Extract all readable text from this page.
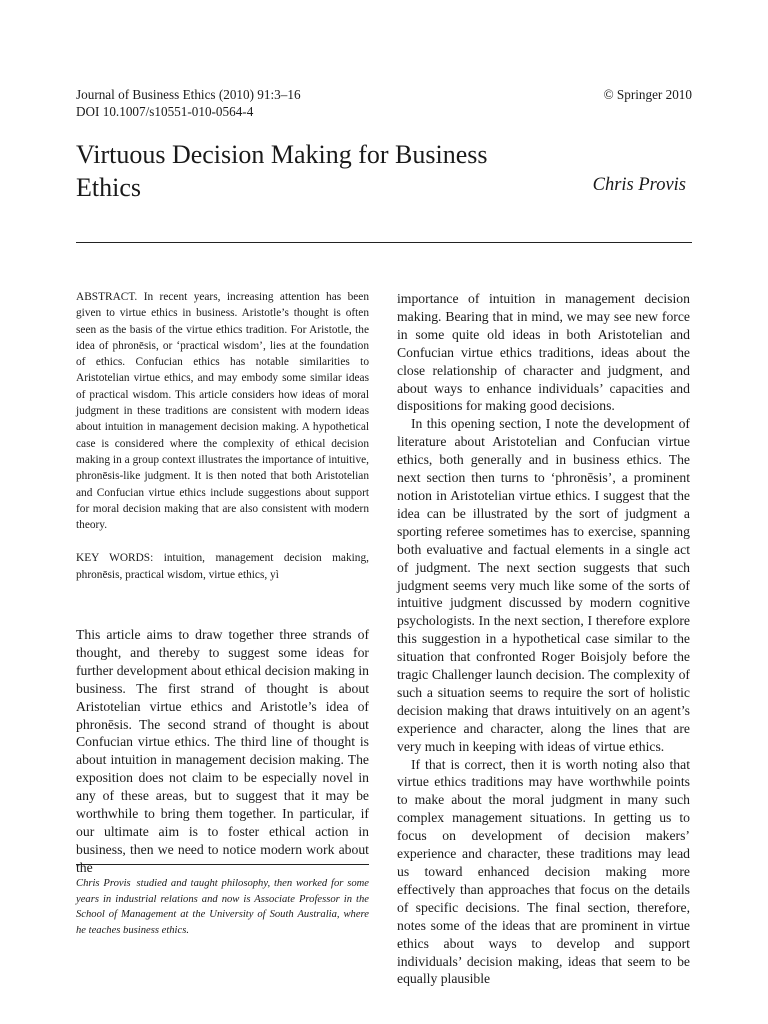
Journal of Business Ethics (2010) 91:3–16
DOI 10.1007/s10551-010-0564-4
© Springer 2010
Virtuous Decision Making for Business Ethics	Chris Provis

ABSTRACT. In recent years, increasing attention has been given to virtue ethics in business. Aristotle’s thought is often seen as the basis of the virtue ethics tradition. For Aristotle, the idea of phronēsis, or ‘practical wisdom’, lies at the foundation of ethics. Confucian ethics has notable similarities to Aristotelian virtue ethics, and may embody some similar ideas of practical wisdom. This article considers how ideas of moral judgment in these traditions are consistent with modern ideas about intuition in management decision making. A hypothetical case is considered where the complexity of ethical decision making in a group context illustrates the importance of intuitive, phronēsis-like judgment. It is then noted that both Aristotelian and Confucian virtue ethics include suggestions about support for moral decision making that are also consistent with modern theory.

KEY WORDS: intuition, management decision making, phronēsis, practical wisdom, virtue ethics, yì

This article aims to draw together three strands of thought, and thereby to suggest some ideas for further development about ethical decision making in business. The first strand of thought is about Aristotelian virtue ethics and Aristotle’s idea of phronēsis. The second strand of thought is about Confucian virtue ethics. The third line of thought is about intuition in management decision making. The exposition does not claim to be especially novel in any of these areas, but to suggest that it may be worthwhile to bring them together. In particular, if our ultimate aim is to foster ethical action in business, then we need to notice modern work about the

Chris Provis studied and taught philosophy, then worked for some years in industrial relations and now is Associate Professor in the School of Management at the University of South Australia, where he teaches business ethics.

importance of intuition in management decision making. Bearing that in mind, we may see new force in some quite old ideas in both Aristotelian and Confucian virtue ethics traditions, ideas about the close relationship of character and judgment, and about ways to enhance individuals’ capacities and dispositions for making good decisions.

In this opening section, I note the development of literature about Aristotelian and Confucian virtue ethics, both generally and in business ethics. The next section then turns to ‘phronēsis’, a prominent notion in Aristotelian virtue ethics. I suggest that the idea can be illustrated by the sort of judgment a sporting referee sometimes has to exercise, spanning both evaluative and factual elements in a single act of judgment. The next section suggests that such judgment seems very much like some of the sorts of intuitive judgment discussed by modern cognitive psychologists. In the next section, I therefore explore this suggestion in a hypothetical case similar to the situation that confronted Roger Boisjoly before the tragic Challenger launch decision. The complexity of such a situation seems to require the sort of holistic decision making that draws intuitively on an agent’s experience and character, along the lines that are very much in keeping with ideas of virtue ethics.

If that is correct, then it is worth noting also that virtue ethics traditions may have worthwhile points to make about the moral judgment in many such complex management situations. In getting us to focus on development of decision makers’ experience and character, these traditions may lead us toward enhanced decision making more effectively than approaches that focus on the details of specific decisions. The final section, therefore, notes some of the ideas that are prominent in virtue ethics about ways to develop and support individuals’ decision making, ideas that seem to be equally plausible
